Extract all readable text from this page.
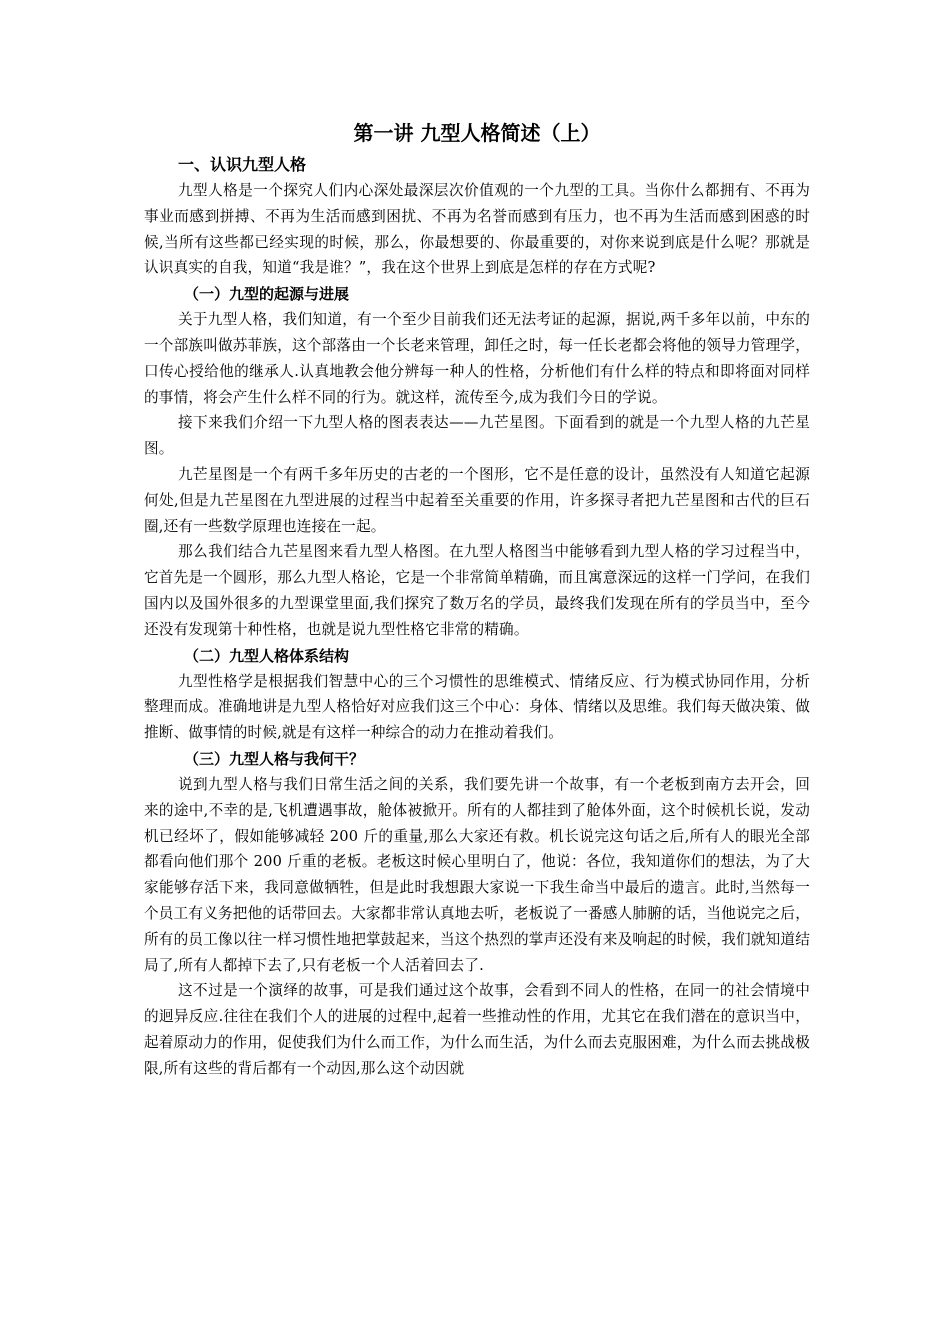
第一讲 九型人格简述（上）
一、认识九型人格

九型人格是一个探究人们内心深处最深层次价值观的一个九型的工具。当你什么都拥有、不再为事业而感到拼搏、不再为生活而感到困扰、不再为名誉而感到有压力，也不再为生活而感到困惑的时候,当所有这些都已经实现的时候，那么，你最想要的、你最重要的，对你来说到底是什么呢？那就是认识真实的自我，知道“我是谁？”，我在这个世界上到底是怎样的存在方式呢?

（一）九型的起源与进展

关于九型人格，我们知道，有一个至少目前我们还无法考证的起源，据说,两千多年以前，中东的一个部族叫做苏菲族，这个部落由一个长老来管理，卸任之时，每一任长老都会将他的领导力管理学，口传心授给他的继承人.认真地教会他分辨每一种人的性格，分析他们有什么样的特点和即将面对同样的事情，将会产生什么样不同的行为。就这样，流传至今,成为我们今日的学说。

接下来我们介绍一下九型人格的图表表达——九芒星图。下面看到的就是一个九型人格的九芒星图。

九芒星图是一个有两千多年历史的古老的一个图形，它不是任意的设计，虽然没有人知道它起源何处,但是九芒星图在九型进展的过程当中起着至关重要的作用，许多探寻者把九芒星图和古代的巨石圈,还有一些数学原理也连接在一起。

那么我们结合九芒星图来看九型人格图。在九型人格图当中能够看到九型人格的学习过程当中，它首先是一个圆形，那么九型人格论，它是一个非常简单精确，而且寓意深远的这样一门学问，在我们国内以及国外很多的九型课堂里面,我们探究了数万名的学员，最终我们发现在所有的学员当中，至今还没有发现第十种性格，也就是说九型性格它非常的精确。

（二）九型人格体系结构

九型性格学是根据我们智慧中心的三个习惯性的思维模式、情绪反应、行为模式协同作用，分析整理而成。准确地讲是九型人格恰好对应我们这三个中心：身体、情绪以及思维。我们每天做决策、做推断、做事情的时候,就是有这样一种综合的动力在推动着我们。

（三）九型人格与我何干？

说到九型人格与我们日常生活之间的关系，我们要先讲一个故事，有一个老板到南方去开会，回来的途中,不幸的是,飞机遭遇事故，舱体被掀开。所有的人都挂到了舱体外面，这个时候机长说，发动机已经坏了，假如能够减轻 200 斤的重量,那么大家还有救。机长说完这句话之后,所有人的眼光全部都看向他们那个 200 斤重的老板。老板这时候心里明白了，他说：各位，我知道你们的想法，为了大家能够存活下来，我同意做牺牲，但是此时我想跟大家说一下我生命当中最后的遗言。此时,当然每一个员工有义务把他的话带回去。大家都非常认真地去听，老板说了一番感人肺腑的话，当他说完之后，所有的员工像以往一样习惯性地把掌鼓起来，当这个热烈的掌声还没有来及响起的时候，我们就知道结局了,所有人都掉下去了,只有老板一个人活着回去了.

这不过是一个演绎的故事，可是我们通过这个故事，会看到不同人的性格，在同一的社会情境中的迥异反应.往往在我们个人的进展的过程中,起着一些推动性的作用，尤其它在我们潜在的意识当中，起着原动力的作用，促使我们为什么而工作，为什么而生活，为什么而去克服困难，为什么而去挑战极限,所有这些的背后都有一个动因,那么这个动因就
